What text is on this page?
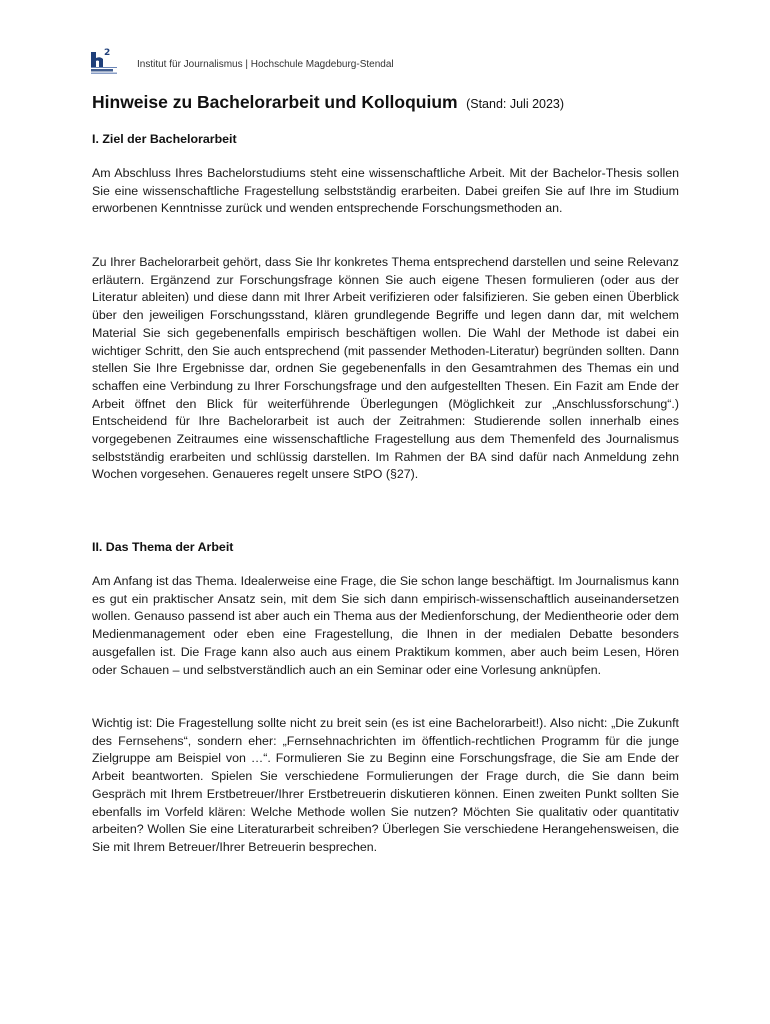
2
Institut für Journalismus | Hochschule Magdeburg-Stendal
Hinweise zu Bachelorarbeit und Kolloquium (Stand: Juli 2023)
I. Ziel der Bachelorarbeit

Am Abschluss Ihres Bachelorstudiums steht eine wissenschaftliche Arbeit. Mit der Bachelor-Thesis sollen Sie eine wissenschaftliche Fragestellung selbstständig erarbeiten. Dabei greifen Sie auf Ihre im Studium erworbenen Kenntnisse zurück und wenden entsprechende Forschungsmethoden an.

Zu Ihrer Bachelorarbeit gehört, dass Sie Ihr konkretes Thema entsprechend darstellen und seine Relevanz erläutern. Ergänzend zur Forschungsfrage können Sie auch eigene Thesen formulieren (oder aus der Literatur ableiten) und diese dann mit Ihrer Arbeit verifizieren oder falsifizieren. Sie geben einen Überblick über den jeweiligen Forschungsstand, klären grundlegende Begriffe und legen dann dar, mit welchem Material Sie sich gegebenenfalls empirisch beschäftigen wollen. Die Wahl der Methode ist dabei ein wichtiger Schritt, den Sie auch entsprechend (mit passender Methoden-Literatur) begründen sollten. Dann stellen Sie Ihre Ergebnisse dar, ordnen Sie gegebenenfalls in den Gesamtrahmen des Themas ein und schaffen eine Verbindung zu Ihrer Forschungsfrage und den aufgestellten Thesen. Ein Fazit am Ende der Arbeit öffnet den Blick für weiterführende Überlegungen (Möglichkeit zur „Anschlussforschung“.) Entscheidend für Ihre Bachelorarbeit ist auch der Zeitrahmen: Studierende sollen innerhalb eines vorgegebenen Zeitraumes eine wissenschaftliche Fragestellung aus dem Themenfeld des Journalismus selbstständig erarbeiten und schlüssig darstellen. Im Rahmen der BA sind dafür nach Anmeldung zehn Wochen vorgesehen. Genaueres regelt unsere StPO (§27).

II. Das Thema der Arbeit

Am Anfang ist das Thema. Idealerweise eine Frage, die Sie schon lange beschäftigt. Im Journalismus kann es gut ein praktischer Ansatz sein, mit dem Sie sich dann empirisch-wissenschaftlich auseinandersetzen wollen. Genauso passend ist aber auch ein Thema aus der Medienforschung, der Medientheorie oder dem Medienmanagement oder eben eine Fragestellung, die Ihnen in der medialen Debatte besonders ausgefallen ist. Die Frage kann also auch aus einem Praktikum kommen, aber auch beim Lesen, Hören oder Schauen – und selbstverständlich auch an ein Seminar oder eine Vorlesung anknüpfen.

Wichtig ist: Die Fragestellung sollte nicht zu breit sein (es ist eine Bachelorarbeit!). Also nicht: „Die Zukunft des Fernsehens“, sondern eher: „Fernsehnachrichten im öffentlich-rechtlichen Programm für die junge Zielgruppe am Beispiel von …“. Formulieren Sie zu Beginn eine Forschungsfrage, die Sie am Ende der Arbeit beantworten. Spielen Sie verschiedene Formulierungen der Frage durch, die Sie dann beim Gespräch mit Ihrem Erstbetreuer/Ihrer Erstbetreuerin diskutieren können. Einen zweiten Punkt sollten Sie ebenfalls im Vorfeld klären: Welche Methode wollen Sie nutzen? Möchten Sie qualitativ oder quantitativ arbeiten? Wollen Sie eine Literaturarbeit schreiben? Überlegen Sie verschiedene Herangehensweisen, die Sie mit Ihrem Betreuer/Ihrer Betreuerin besprechen.
